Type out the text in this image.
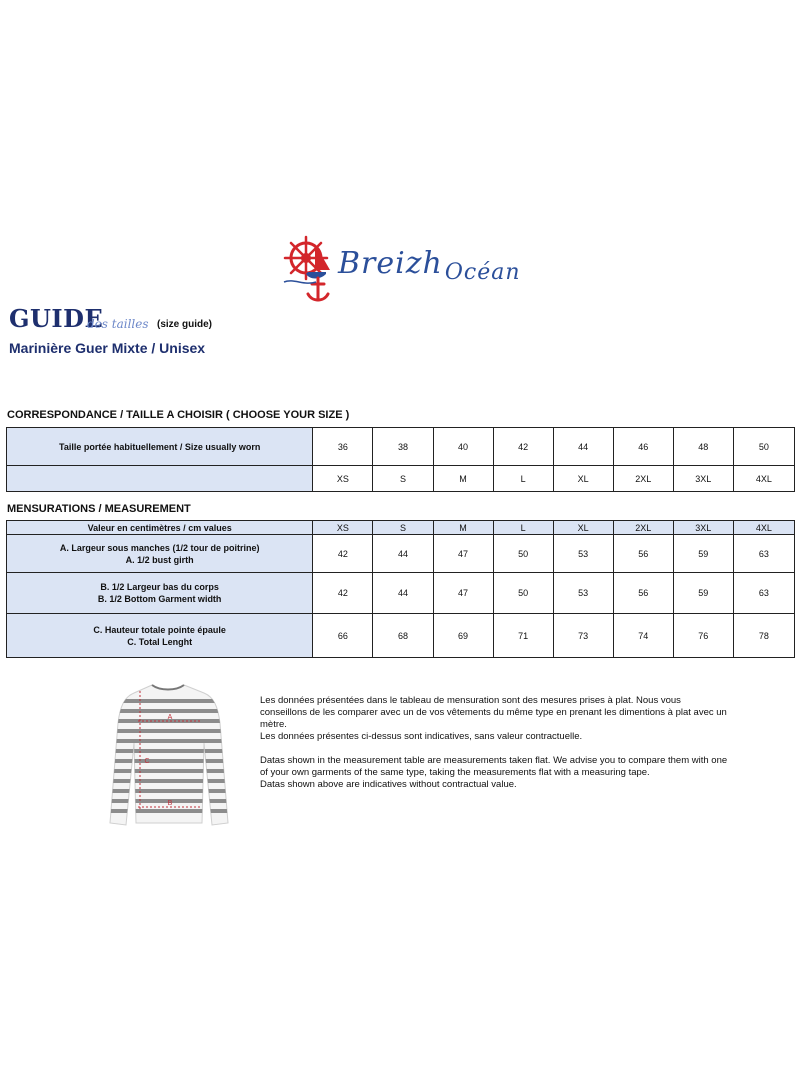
Breizh$_{Océan}$
GUIDE
des tailles (size guide)
Marinière Guer Mixte / Unisex
CORRESPONDANCE / TAILLE A CHOISIR ( CHOOSE YOUR SIZE )
Taille portée habituellement / Size usually worn	36	38	40	42	44	46	48	50
	XS	S	M	L	XL	2XL	3XL	4XL
MENSURATIONS / MEASUREMENT
Valeur en centimètres / cm values	XS	S	M	L	XL	2XL	3XL	4XL

A. Largeur sous manches (1/2 tour de poitrine)
A. 1/2 bust girth	42	44	47	50	53	56	59	63

B. 1/2 Largeur bas du corps
B. 1/2 Bottom Garment width	42	44	47	50	53	56	59	63

C. Hauteur totale pointe épaule
C. Total Lenght	66	68	69	71	73	74	76	78
A
B
C

Les données présentées dans le tableau de mensuration sont des mesures prises à plat. Nous vous conseillons de les comparer avec un de vos vêtements du même type en prenant les dimentions à plat avec un mètre.

Les données présentes ci-dessus sont indicatives, sans valeur contractuelle.

Datas shown in the measurement table are measurements taken flat. We advise you to compare them with one of your own garments of the same type, taking the measurements flat with a measuring tape.

Datas shown above are indicatives without contractual value.
